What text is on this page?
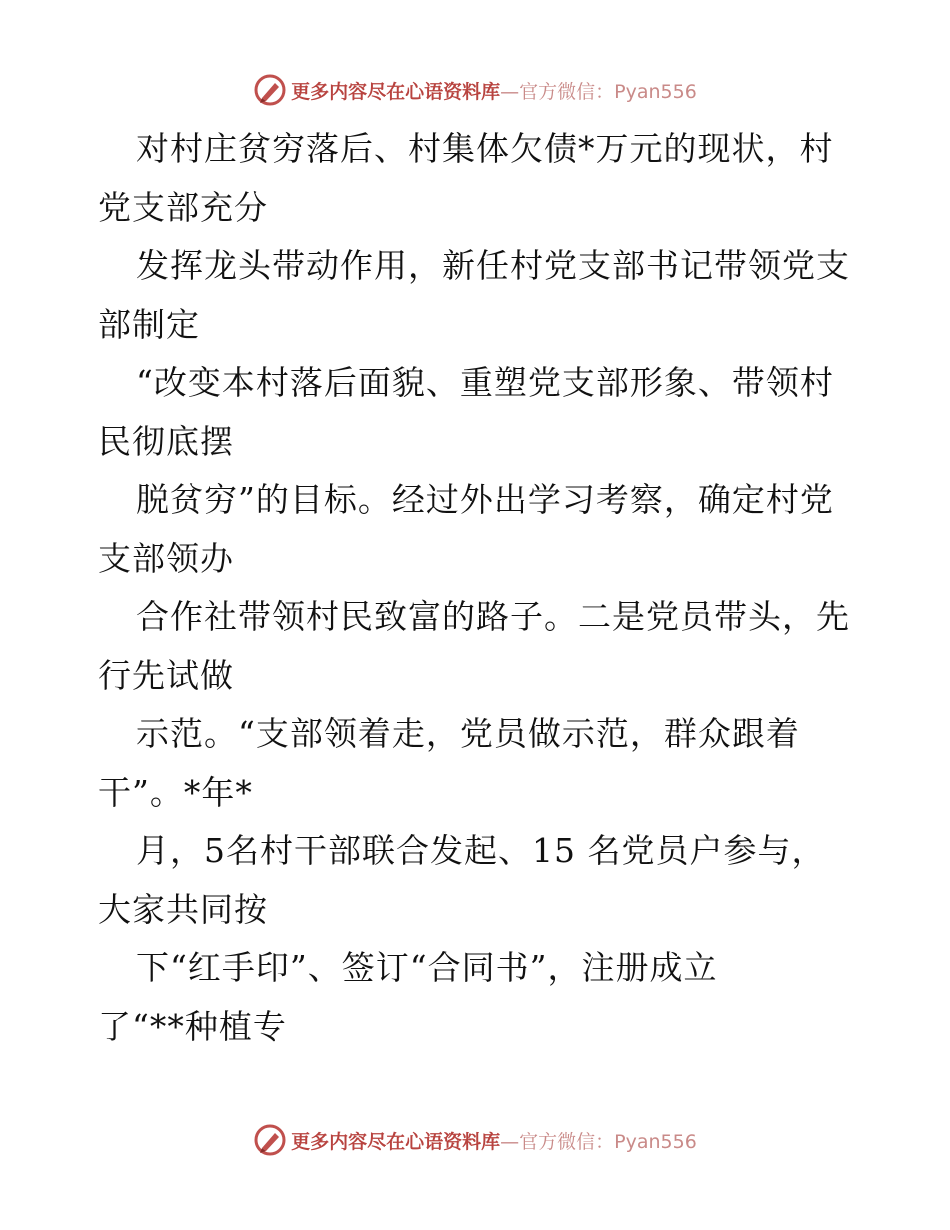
更多内容尽在心语资料库—官方微信：Pyan556
对村庄贫穷落后、村集体欠债*万元的现状，村
党支部充分
发挥龙头带动作用，新任村党支部书记带领党支
部制定
“改变本村落后面貌、重塑党支部形象、带领村
民彻底摆
脱贫穷”的目标。经过外出学习考察，确定村党
支部领办
合作社带领村民致富的路子。二是党员带头，先
行先试做
示范。“支部领着走，党员做示范，群众跟着
干”。*年*
月，5名村干部联合发起、15 名党员户参与，
大家共同按
下“红手印”、签订“合同书”，注册成立
了“**种植专
更多内容尽在心语资料库—官方微信：Pyan556
